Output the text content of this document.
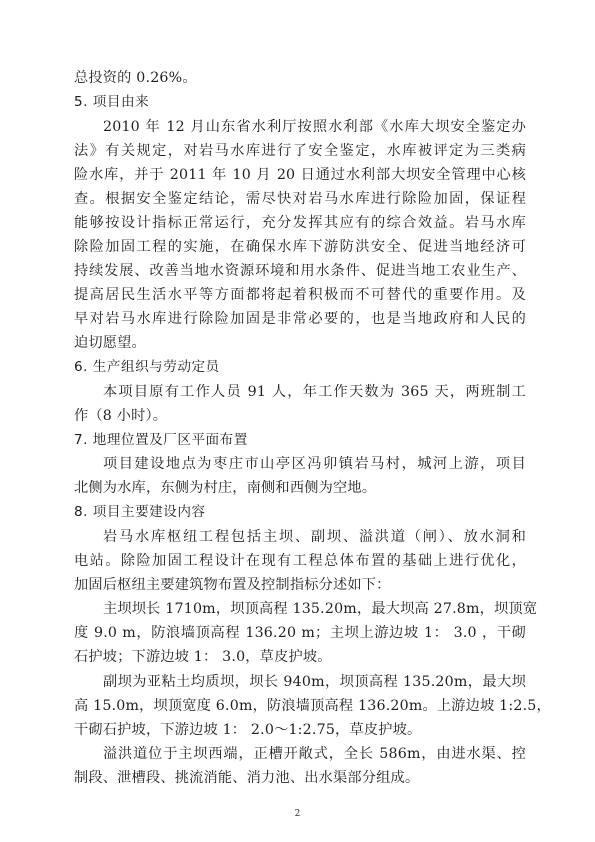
总投资的 0.26%。
5. 项目由来
2010 年 12 月山东省水利厅按照水利部《水库大坝安全鉴定办
法》有关规定，对岩马水库进行了安全鉴定，水库被评定为三类病
险水库，并于 2011 年 10 月 20 日通过水利部大坝安全管理中心核
查。根据安全鉴定结论，需尽快对岩马水库进行除险加固，保证程
能够按设计指标正常运行，充分发挥其应有的综合效益。岩马水库
除险加固工程的实施，在确保水库下游防洪安全、促进当地经济可
持续发展、改善当地水资源环境和用水条件、促进当地工农业生产、
提高居民生活水平等方面都将起着积极而不可替代的重要作用。及
早对岩马水库进行除险加固是非常必要的，也是当地政府和人民的
迫切愿望。
6. 生产组织与劳动定员
本项目原有工作人员 91 人，年工作天数为 365 天，两班制工
作（8 小时）。
7. 地理位置及厂区平面布置
项目建设地点为枣庄市山亭区冯卯镇岩马村，城河上游，项目
北侧为水库，东侧为村庄，南侧和西侧为空地。
8. 项目主要建设内容
岩马水库枢纽工程包括主坝、副坝、溢洪道（闸）、放水洞和
电站。除险加固工程设计在现有工程总体布置的基础上进行优化，
加固后枢纽主要建筑物布置及控制指标分述如下：
主坝坝长 1710m，坝顶高程 135.20m，最大坝高 27.8m，坝顶宽
度 9.0 m，防浪墙顶高程 136.20 m；主坝上游边坡 1： 3.0 ，干砌
石护坡；下游边坡 1： 3.0，草皮护坡。
副坝为亚粘土均质坝，坝长 940m，坝顶高程 135.20m，最大坝
高 15.0m，坝顶宽度 6.0m，防浪墙顶高程 136.20m。上游边坡 1:2.5，
干砌石护坡，下游边坡 1： 2.0～1:2.75，草皮护坡。
溢洪道位于主坝西端，正槽开敞式，全长 586m，由进水渠、控
制段、泄槽段、挑流消能、消力池、出水渠部分组成。
2
